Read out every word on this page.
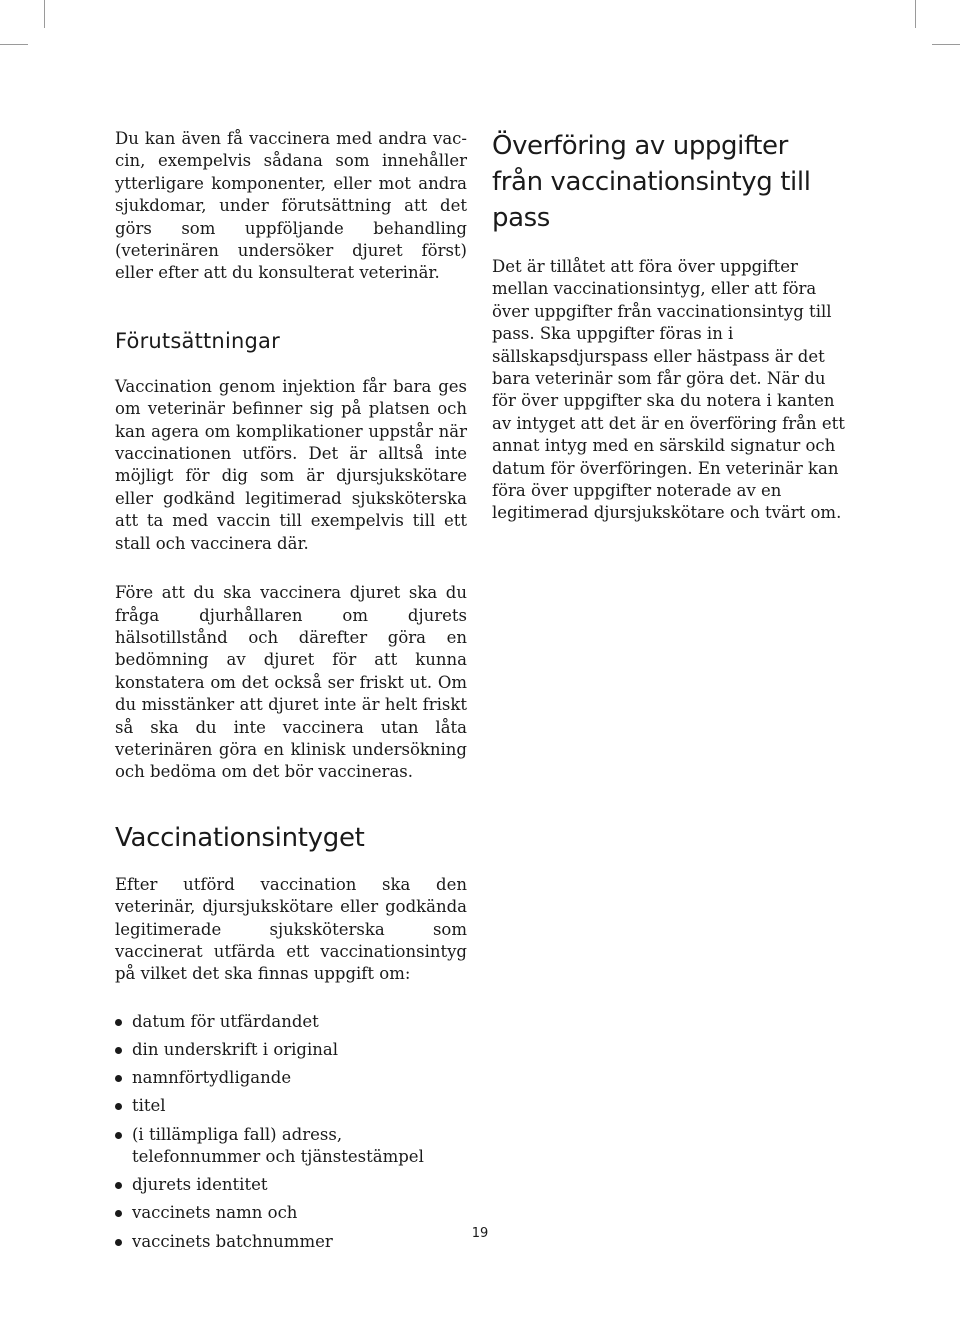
Du kan även få vaccinera med andra vaccin, exempelvis sådana som innehåller ytterligare komponenter, eller mot andra sjukdomar, under förutsättning att det görs som uppföljande behandling (veterinären undersöker djuret först) eller efter att du konsulterat veterinär.

Förutsättningar

Vaccination genom injektion får bara ges om veterinär befinner sig på platsen och kan agera om komplikationer uppstår när vaccinationen utförs. Det är alltså inte möjligt för dig som är djursjukskötare eller godkänd legitimerad sjuksköterska att ta med vaccin till exempelvis till ett stall och vaccinera där.

Före att du ska vaccinera djuret ska du fråga djurhållaren om djurets hälsotillstånd och därefter göra en bedömning av djuret för att kunna konstatera om det också ser friskt ut. Om du misstänker att djuret inte är helt friskt så ska du inte vaccinera utan låta veterinären göra en klinisk undersökning och bedöma om det bör vaccineras.

Vaccinationsintyget

Efter utförd vaccination ska den veterinär, djursjukskötare eller godkända legitimerade sjuksköterska som vaccinerat utfärda ett vaccinationsintyg på vilket det ska finnas uppgift om:

datum för utfärdandet
din underskrift i original
namnförtydligande
titel
(i tillämpliga fall) adress, telefonnummer och tjänstestämpel
djurets identitet
vaccinets namn och
vaccinets batchnummer
Överföring av uppgifter från vaccinationsintyg till pass

Det är tillåtet att föra över uppgifter mellan vaccinationsintyg, eller att föra över uppgifter från vaccinationsintyg till pass. Ska uppgifter föras in i sällskapsdjurspass eller hästpass är det bara veterinär som får göra det. När du för över uppgifter ska du notera i kanten av intyget att det är en överföring från ett annat intyg med en särskild signatur och datum för överföringen. En veterinär kan föra över uppgifter noterade av en legitimerad djursjukskötare och tvärt om.

19
